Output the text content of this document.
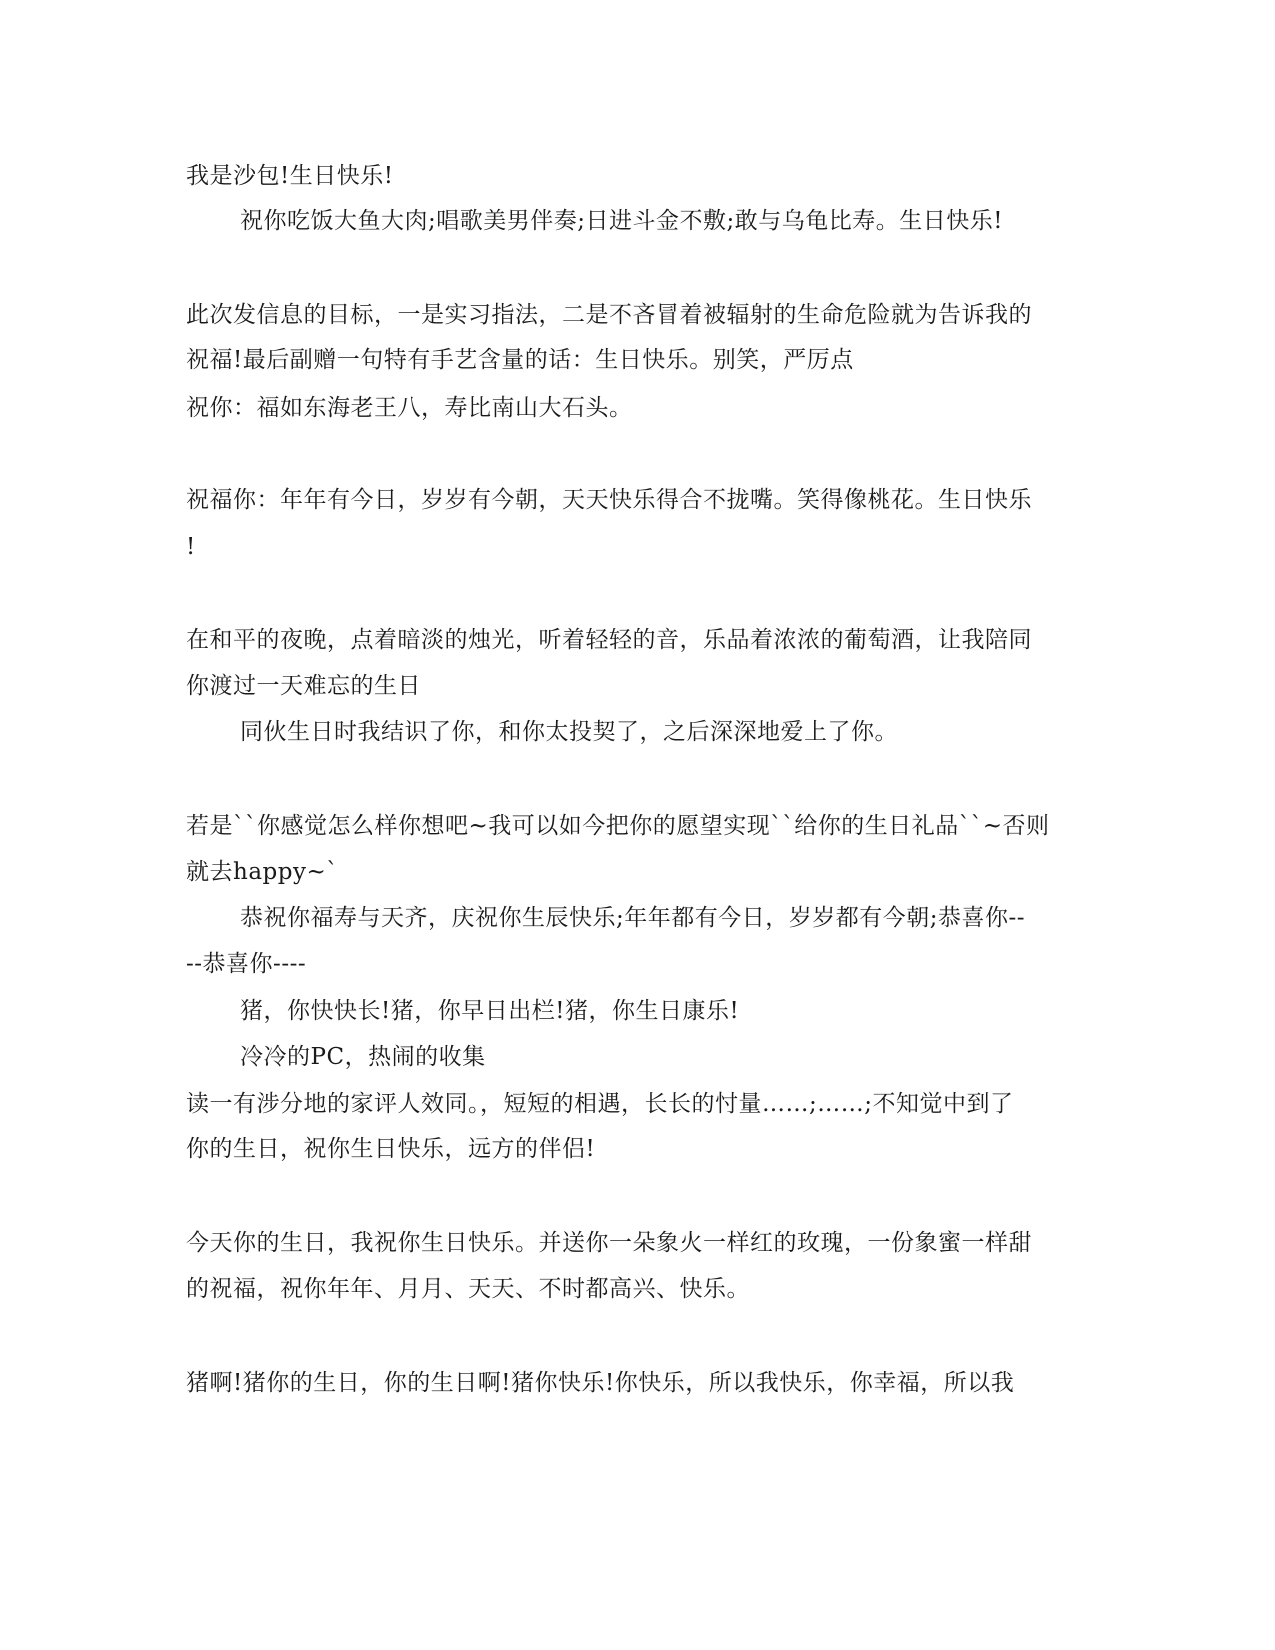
我是沙包!生日快乐!
祝你吃饭大鱼大肉;唱歌美男伴奏;日进斗金不敷;敢与乌龟比寿。生日快乐!
此次发信息的目标，一是实习指法，二是不吝冒着被辐射的生命危险就为告诉我的
祝福!最后副赠一句特有手艺含量的话：生日快乐。别笑，严厉点
祝你：福如东海老王八，寿比南山大石头。
祝福你：年年有今日，岁岁有今朝，天天快乐得合不拢嘴。笑得像桃花。生日快乐
!
在和平的夜晚，点着暗淡的烛光，听着轻轻的音，乐品着浓浓的葡萄酒，让我陪同
你渡过一天难忘的生日
同伙生日时我结识了你，和你太投契了，之后深深地爱上了你。
若是``你感觉怎么样你想吧~我可以如今把你的愿望实现``给你的生日礼品``~否则
就去happy~`
恭祝你福寿与天齐，庆祝你生辰快乐;年年都有今日，岁岁都有今朝;恭喜你--
--恭喜你----
猪，你快快长!猪，你早日出栏!猪，你生日康乐!
冷冷的PC，热闹的收集
读一有涉分地的家评人效同。，短短的相遇，长长的忖量……;……;不知觉中到了
你的生日，祝你生日快乐，远方的伴侣!
今天你的生日，我祝你生日快乐。并送你一朵象火一样红的玫瑰，一份象蜜一样甜
的祝福，祝你年年、月月、天天、不时都高兴、快乐。
猪啊!猪你的生日，你的生日啊!猪你快乐!你快乐，所以我快乐，你幸福，所以我
